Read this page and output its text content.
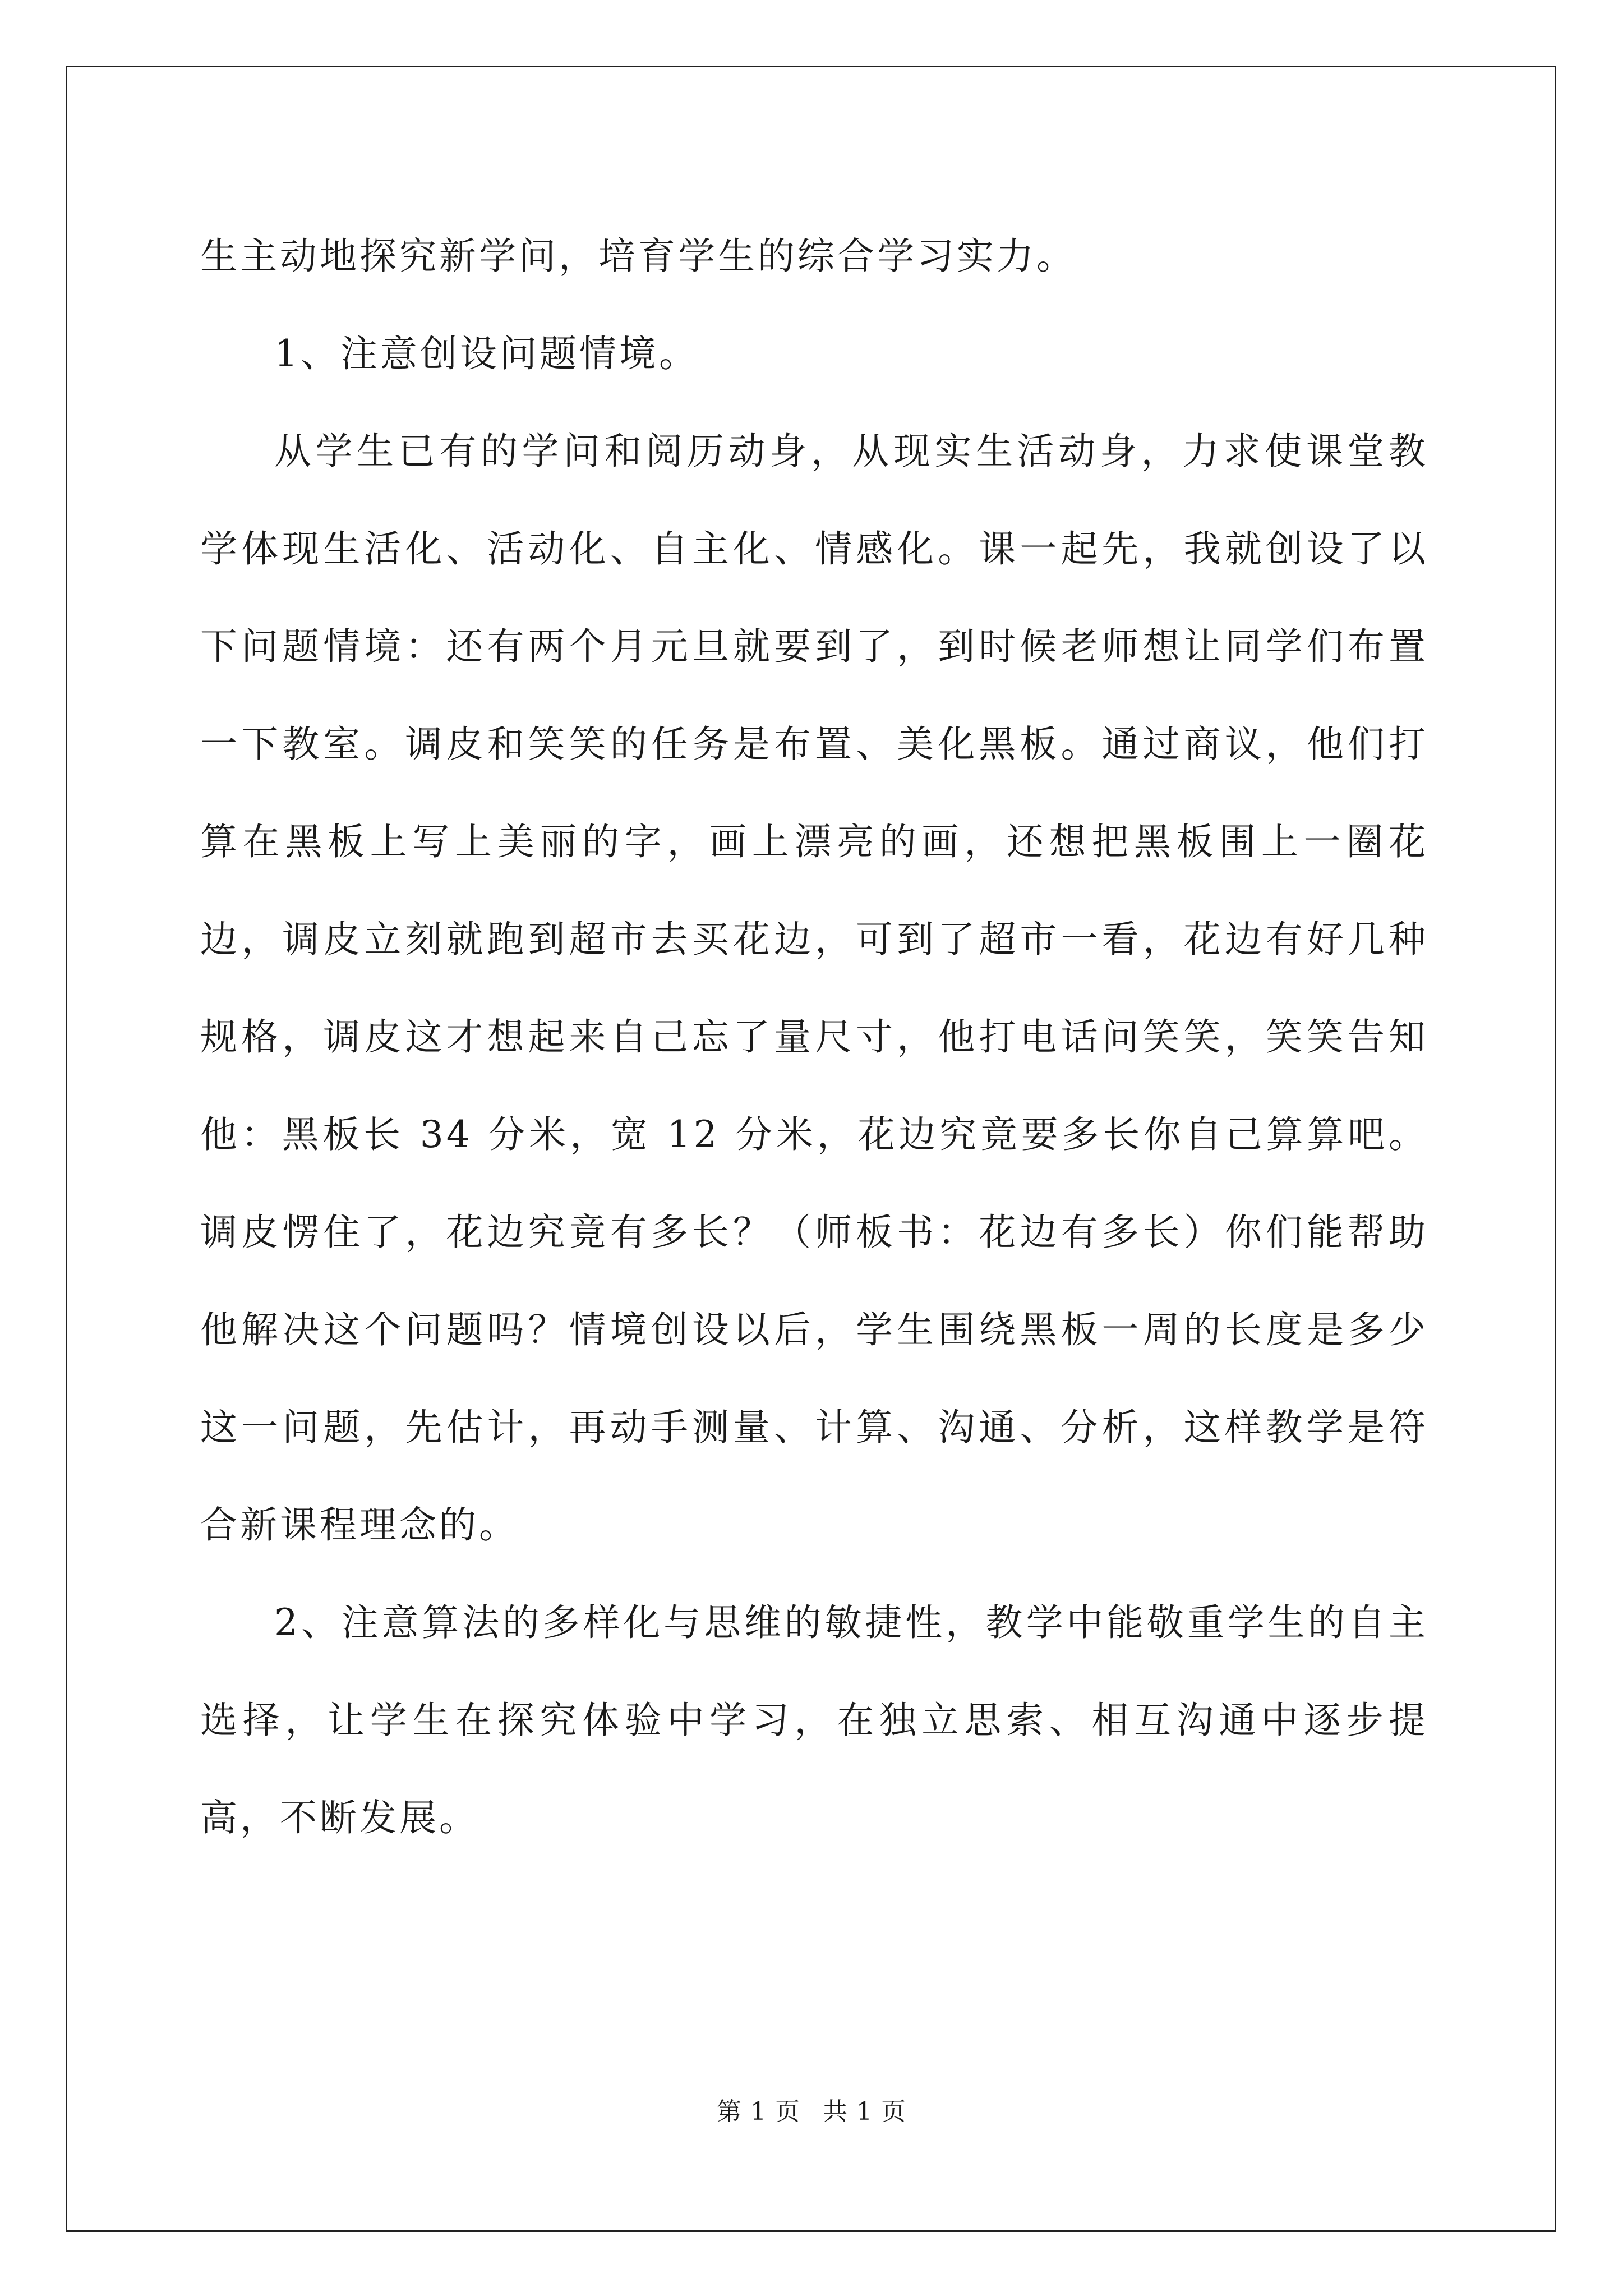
生主动地探究新学问，培育学生的综合学习实力。

1、注意创设问题情境。

从学生已有的学问和阅历动身，从现实生活动身，力求使课堂教学体现生活化、活动化、自主化、情感化。课一起先，我就创设了以下问题情境：还有两个月元旦就要到了，到时候老师想让同学们布置一下教室。调皮和笑笑的任务是布置、美化黑板。通过商议，他们打算在黑板上写上美丽的字，画上漂亮的画，还想把黑板围上一圈花边，调皮立刻就跑到超市去买花边，可到了超市一看，花边有好几种规格，调皮这才想起来自己忘了量尺寸，他打电话问笑笑，笑笑告知他：黑板长 34 分米，宽 12 分米，花边究竟要多长你自己算算吧。调皮愣住了，花边究竟有多长？（师板书：花边有多长）你们能帮助他解决这个问题吗？情境创设以后，学生围绕黑板一周的长度是多少这一问题，先估计，再动手测量、计算、沟通、分析，这样教学是符合新课程理念的。

2、注意算法的多样化与思维的敏捷性，教学中能敬重学生的自主选择，让学生在探究体验中学习，在独立思索、相互沟通中逐步提高，不断发展。

第 1 页 共 1 页
